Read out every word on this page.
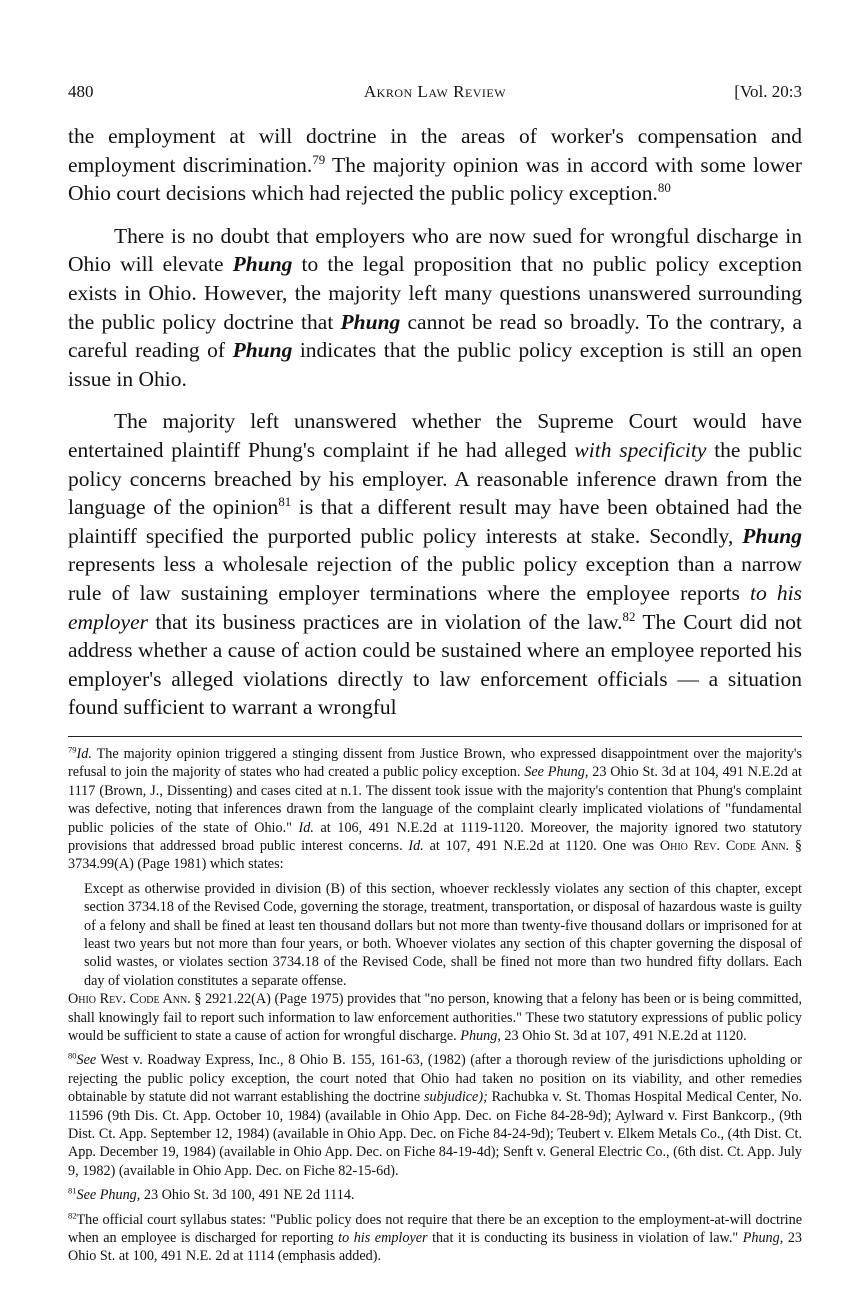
480	Akron Law Review	[Vol. 20:3

the employment at will doctrine in the areas of worker's compensation and employment discrimination.$^{79}$ The majority opinion was in accord with some lower Ohio court decisions which had rejected the public policy exception.$^{80}$

There is no doubt that employers who are now sued for wrongful discharge in Ohio will elevate Phung to the legal proposition that no public policy exception exists in Ohio. However, the majority left many questions unanswered surrounding the public policy doctrine that Phung cannot be read so broadly. To the contrary, a careful reading of Phung indicates that the public policy exception is still an open issue in Ohio.

The majority left unanswered whether the Supreme Court would have entertained plaintiff Phung's complaint if he had alleged with specificity the public policy concerns breached by his employer. A reasonable inference drawn from the language of the opinion$^{81}$ is that a different result may have been obtained had the plaintiff specified the purported public policy interests at stake. Secondly, Phung represents less a wholesale rejection of the public policy exception than a narrow rule of law sustaining employer terminations where the employee reports to his employer that its business practices are in violation of the law.$^{82}$ The Court did not address whether a cause of action could be sustained where an employee reported his employer's alleged violations directly to law enforcement officials — a situation found sufficient to warrant a wrongful

$^{79}$Id. The majority opinion triggered a stinging dissent from Justice Brown, who expressed disappointment over the majority's refusal to join the majority of states who had created a public policy exception. See Phung, 23 Ohio St. 3d at 104, 491 N.E.2d at 1117 (Brown, J., Dissenting) and cases cited at n.1. The dissent took issue with the majority's contention that Phung's complaint was defective, noting that inferences drawn from the language of the complaint clearly implicated violations of "fundamental public policies of the state of Ohio." Id. at 106, 491 N.E.2d at 1119-1120. Moreover, the majority ignored two statutory provisions that addressed broad public interest concerns. Id. at 107, 491 N.E.2d at 1120. One was Ohio Rev. Code Ann. § 3734.99(A) (Page 1981) which states:

Except as otherwise provided in division (B) of this section, whoever recklessly violates any section of this chapter, except section 3734.18 of the Revised Code, governing the storage, treatment, transportation, or disposal of hazardous waste is guilty of a felony and shall be fined at least ten thousand dollars but not more than twenty-five thousand dollars or imprisoned for at least two years but not more than four years, or both. Whoever violates any section of this chapter governing the disposal of solid wastes, or violates section 3734.18 of the Revised Code, shall be fined not more than two hundred fifty dollars. Each day of violation constitutes a separate offense.

Ohio Rev. Code Ann. § 2921.22(A) (Page 1975) provides that "no person, knowing that a felony has been or is being committed, shall knowingly fail to report such information to law enforcement authorities." These two statutory expressions of public policy would be sufficient to state a cause of action for wrongful discharge. Phung, 23 Ohio St. 3d at 107, 491 N.E.2d at 1120.

$^{80}$See West v. Roadway Express, Inc., 8 Ohio B. 155, 161-63, (1982) (after a thorough review of the jurisdictions upholding or rejecting the public policy exception, the court noted that Ohio had taken no position on its viability, and other remedies obtainable by statute did not warrant establishing the doctrine subjudice); Rachubka v. St. Thomas Hospital Medical Center, No. 11596 (9th Dis. Ct. App. October 10, 1984) (available in Ohio App. Dec. on Fiche 84-28-9d); Aylward v. First Bankcorp., (9th Dist. Ct. App. September 12, 1984) (available in Ohio App. Dec. on Fiche 84-24-9d); Teubert v. Elkem Metals Co., (4th Dist. Ct. App. December 19, 1984) (available in Ohio App. Dec. on Fiche 84-19-4d); Senft v. General Electric Co., (6th dist. Ct. App. July 9, 1982) (available in Ohio App. Dec. on Fiche 82-15-6d).

$^{81}$See Phung, 23 Ohio St. 3d 100, 491 NE 2d 1114.

$^{82}$The official court syllabus states: "Public policy does not require that there be an exception to the employment-at-will doctrine when an employee is discharged for reporting to his employer that it is conducting its business in violation of law." Phung, 23 Ohio St. at 100, 491 N.E. 2d at 1114 (emphasis added).
